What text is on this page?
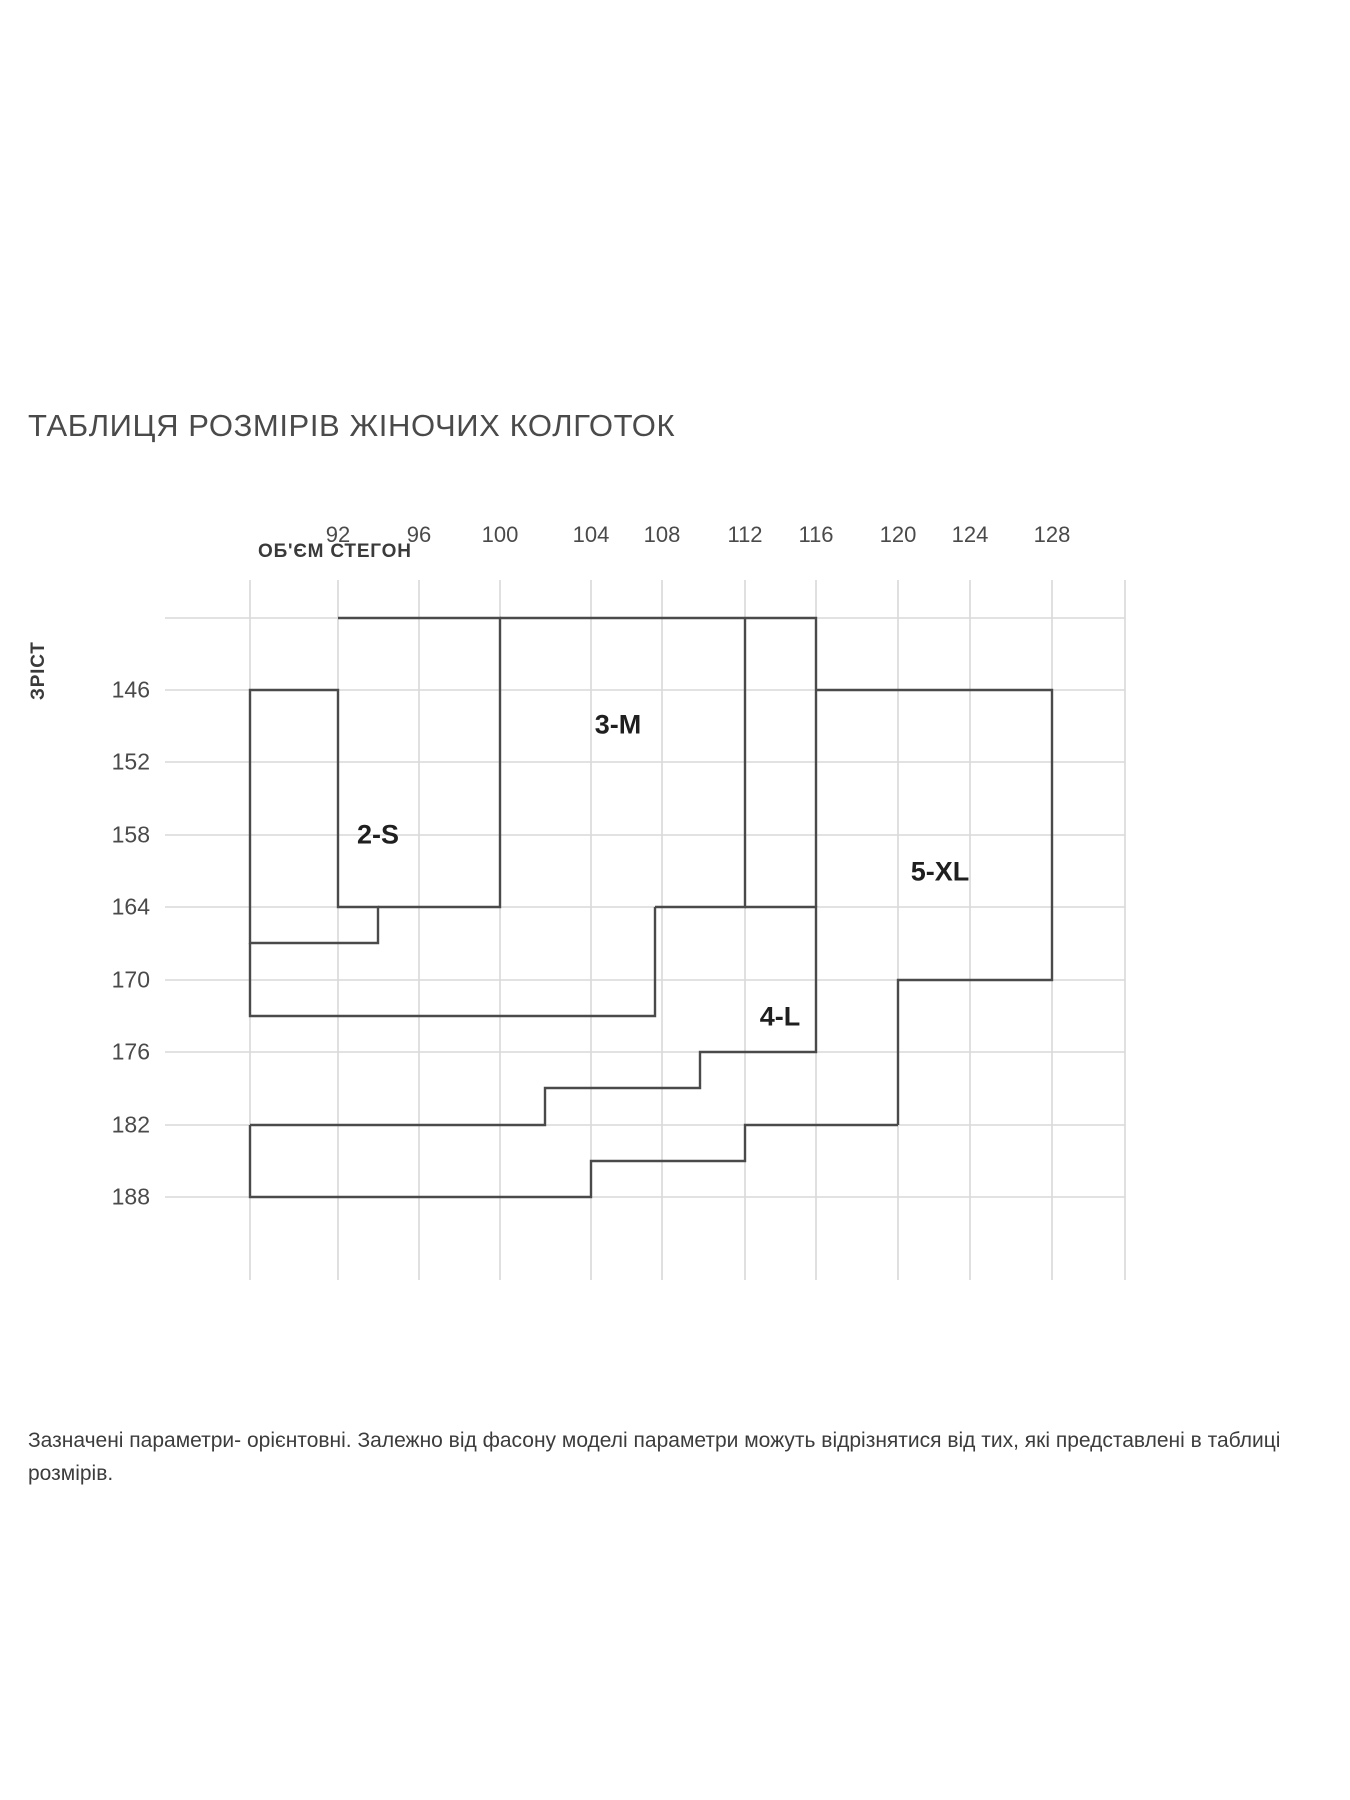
ТАБЛИЦЯ РОЗМІРІВ ЖІНОЧИХ КОЛГОТОК
ОБ'ЄМ СТЕГОН
ЗРІСТ
92	96 100 104 108 112 116 120 124 128
146
152
158
164
170
176
182
188
2-S
3-M
4-L
5-XL
Зазначені параметри- орієнтовні. Залежно від фасону моделі параметри можуть відрізнятися від тих, які представлені в таблиці розмірів.
